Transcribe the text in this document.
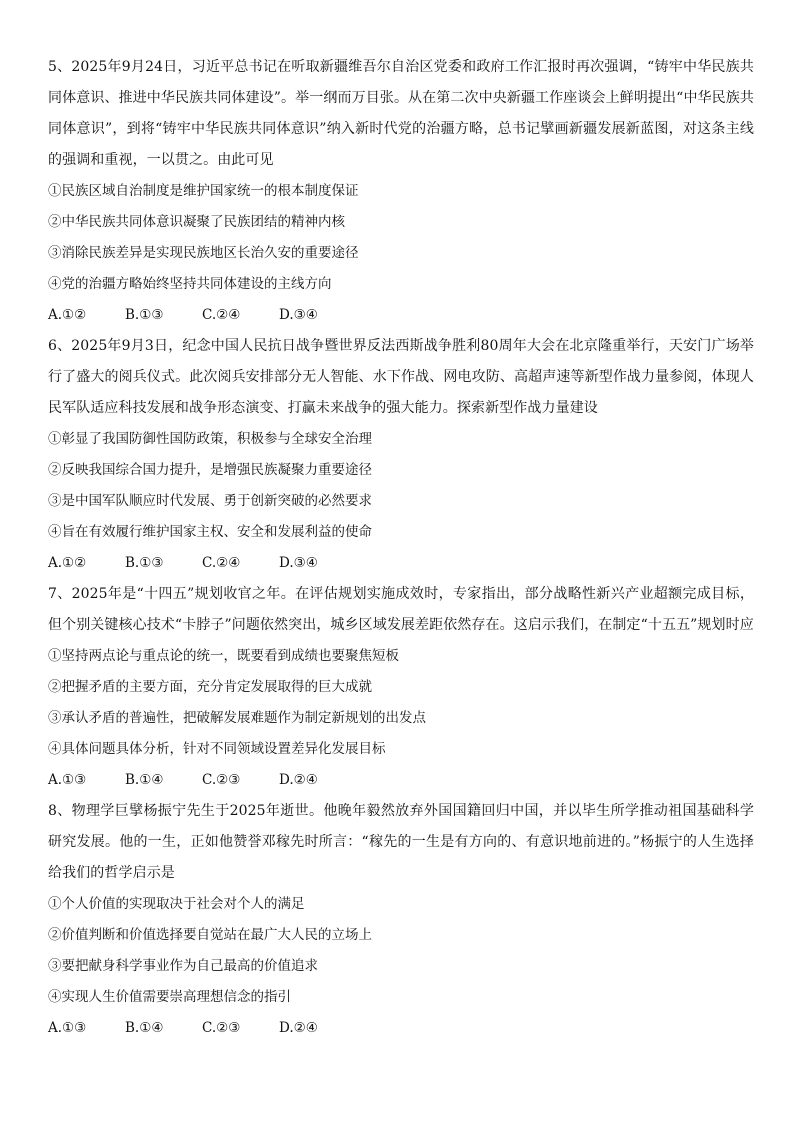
5、2025年9月24日，习近平总书记在听取新疆维吾尔自治区党委和政府工作汇报时再次强调，“铸牢中华民族共同体意识、推进中华民族共同体建设”。举一纲而万目张。从在第二次中央新疆工作座谈会上鲜明提出“中华民族共同体意识”，到将“铸牢中华民族共同体意识”纳入新时代党的治疆方略，总书记擘画新疆发展新蓝图，对这条主线的强调和重视，一以贯之。由此可见

①民族区域自治制度是维护国家统一的根本制度保证

②中华民族共同体意识凝聚了民族团结的精神内核

③消除民族差异是实现民族地区长治久安的重要途径

④党的治疆方略始终坚持共同体建设的主线方向

A.①②	B.①③	C.②④	D.③④

6、2025年9月3日，纪念中国人民抗日战争暨世界反法西斯战争胜利80周年大会在北京隆重举行，天安门广场举行了盛大的阅兵仪式。此次阅兵安排部分无人智能、水下作战、网电攻防、高超声速等新型作战力量参阅，体现人民军队适应科技发展和战争形态演变、打赢未来战争的强大能力。探索新型作战力量建设

①彰显了我国防御性国防政策，积极参与全球安全治理

②反映我国综合国力提升，是增强民族凝聚力重要途径

③是中国军队顺应时代发展、勇于创新突破的必然要求

④旨在有效履行维护国家主权、安全和发展利益的使命

A.①②	B.①③	C.②④	D.③④

7、2025年是“十四五”规划收官之年。在评估规划实施成效时，专家指出，部分战略性新兴产业超额完成目标，但个别关键核心技术“卡脖子”问题依然突出，城乡区域发展差距依然存在。这启示我们，在制定“十五五”规划时应

①坚持两点论与重点论的统一，既要看到成绩也要聚焦短板

②把握矛盾的主要方面，充分肯定发展取得的巨大成就

③承认矛盾的普遍性，把破解发展难题作为制定新规划的出发点

④具体问题具体分析，针对不同领域设置差异化发展目标

A.①③	B.①④	C.②③	D.②④

8、物理学巨擘杨振宁先生于2025年逝世。他晚年毅然放弃外国国籍回归中国，并以毕生所学推动祖国基础科学研究发展。他的一生，正如他赞誉邓稼先时所言：“稼先的一生是有方向的、有意识地前进的。”杨振宁的人生选择给我们的哲学启示是

①个人价值的实现取决于社会对个人的满足

②价值判断和价值选择要自觉站在最广大人民的立场上

③要把献身科学事业作为自己最高的价值追求

④实现人生价值需要崇高理想信念的指引

A.①③	B.①④	C.②③	D.②④
